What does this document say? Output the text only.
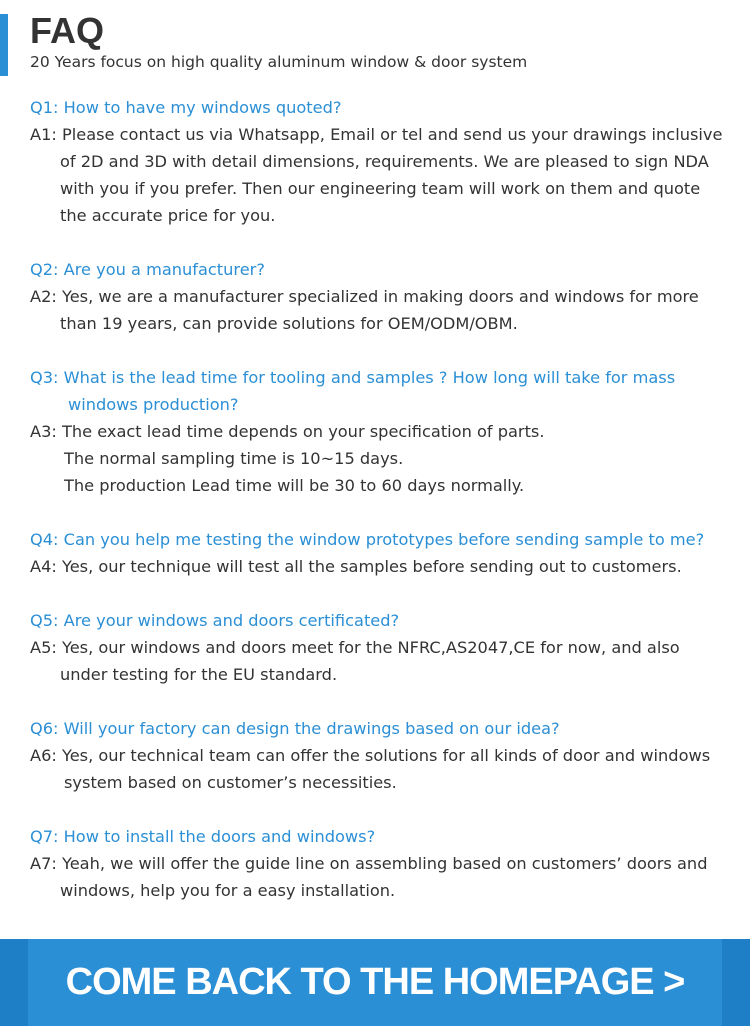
FAQ

20 Years focus on high quality aluminum window & door system

Q1: How to have my windows quoted?

A1: Please contact us via Whatsapp, Email or tel and send us your drawings inclusive

of 2D and 3D with detail dimensions, requirements. We are pleased to sign NDA

with you if you prefer. Then our engineering team will work on them and quote

the accurate price for you.

Q2: Are you a manufacturer?

A2: Yes, we are a manufacturer specialized in making doors and windows for more

than 19 years, can provide solutions for OEM/ODM/OBM.

Q3: What is the lead time for tooling and samples ? How long will take for mass
windows production?

A3: The exact lead time depends on your specification of parts.

The normal sampling time is 10~15 days.

The production Lead time will be 30 to 60 days normally.

Q4: Can you help me testing the window prototypes before sending sample to me?

A4: Yes, our technique will test all the samples before sending out to customers.

Q5: Are your windows and doors certificated?

A5: Yes, our windows and doors meet for the NFRC,AS2047,CE for now, and also

under testing for the EU standard.

Q6: Will your factory can design the drawings based on our idea?

A6: Yes, our technical team can offer the solutions for all kinds of door and windows

system based on customer’s necessities.

Q7: How to install the doors and windows?

A7: Yeah, we will offer the guide line on assembling based on customers’ doors and

windows, help you for a easy installation.

COME BACK TO THE HOMEPAGE >
